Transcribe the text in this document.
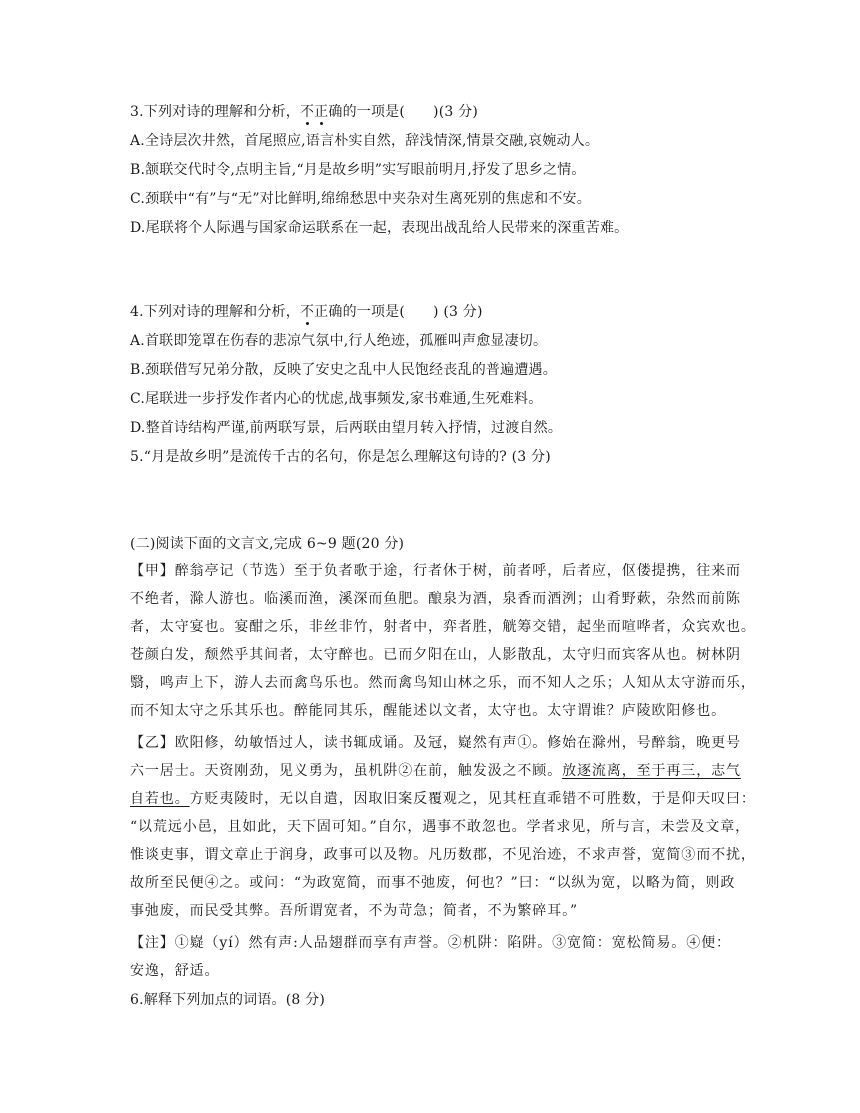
3.下列对诗的理解和分析，不正确的一项是( )(3 分)
A.全诗层次井然，首尾照应,语言朴实自然，辞浅情深,情景交融,哀婉动人。
B.颔联交代时令,点明主旨,“月是故乡明”实写眼前明月,抒发了思乡之情。
C.颈联中“有”与“无”对比鲜明,绵绵愁思中夹杂对生离死别的焦虑和不安。
D.尾联将个人际遇与国家命运联系在一起，表现出战乱给人民带来的深重苦难。
4.下列对诗的理解和分析，不正确的一项是( ) (3 分)
A.首联即笼罩在伤春的悲凉气氛中,行人绝迹，孤雁叫声愈显凄切。
B.颈联借写兄弟分散，反映了安史之乱中人民饱经丧乱的普遍遭遇。
C.尾联进一步抒发作者内心的忧虑,战事频发,家书难通,生死难料。
D.整首诗结构严谨,前两联写景，后两联由望月转入抒情，过渡自然。
5.“月是故乡明”是流传千古的名句，你是怎么理解这句诗的? (3 分)
(二)阅读下面的文言文,完成 6~9 题(20 分)
【甲】醉翁亭记（节选）至于负者歌于途，行者休于树，前者呼，后者应，伛偻提携，往来而
不绝者，滁人游也。临溪而渔，溪深而鱼肥。酿泉为酒，泉香而酒洌；山肴野蔌，杂然而前陈
者，太守宴也。宴酣之乐，非丝非竹，射者中，弈者胜，觥筹交错，起坐而喧哗者，众宾欢也。
苍颜白发，颓然乎其间者，太守醉也。已而夕阳在山，人影散乱，太守归而宾客从也。树林阴
翳，鸣声上下，游人去而禽鸟乐也。然而禽鸟知山林之乐，而不知人之乐；人知从太守游而乐，
而不知太守之乐其乐也。醉能同其乐，醒能述以文者，太守也。太守谓谁？庐陵欧阳修也。
【乙】欧阳修，幼敏悟过人，读书辄成诵。及冠，嶷然有声①。修始在滁州，号醉翁，晚更号
六一居士。天资刚劲，见义勇为，虽机阱②在前，触发汲之不顾。放逐流离，至于再三，志气
自若也。方贬夷陵时，无以自遣，因取旧案反覆观之，见其枉直乖错不可胜数，于是仰天叹曰：
“以荒远小邑，且如此，天下固可知。”自尔，遇事不敢忽也。学者求见，所与言，未尝及文章，
惟谈吏事，谓文章止于润身，政事可以及物。凡历数郡，不见治迹，不求声誉，宽简③而不扰，
故所至民便④之。或问：“为政宽简，而事不弛废，何也？”曰：“以纵为宽，以略为简，则政
事弛废，而民受其弊。吾所谓宽者，不为苛急；简者，不为繁碎耳。”
【注】①嶷（yí）然有声:人品翅群而享有声誉。②机阱：陷阱。③宽简：宽松简易。④便：
安逸，舒适。
6.解释下列加点的词语。(8 分)
